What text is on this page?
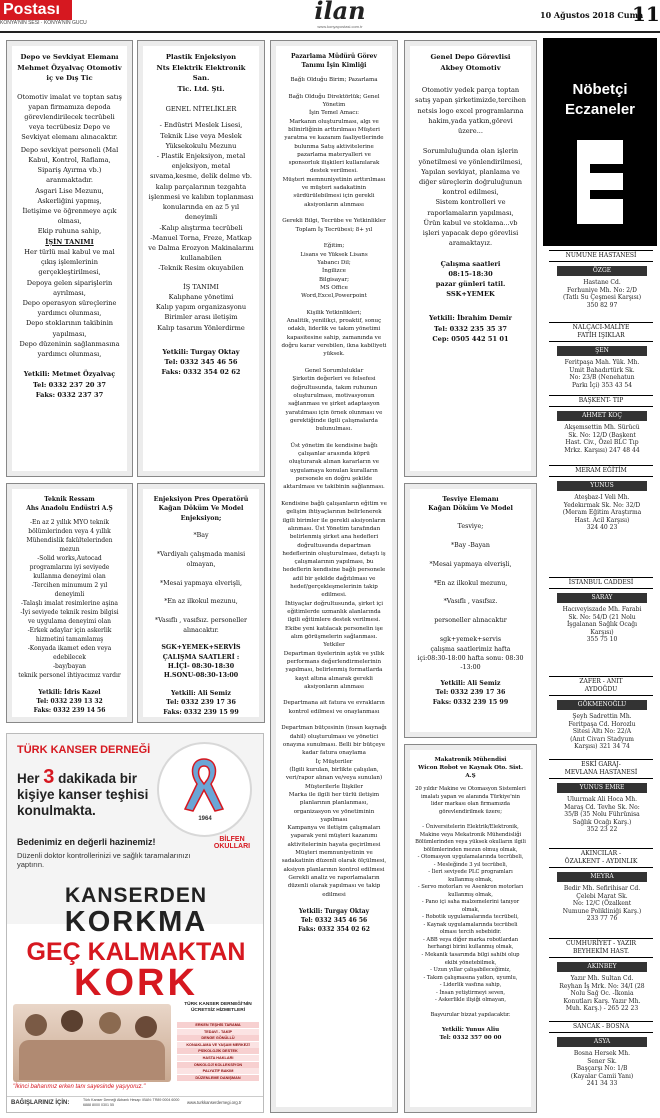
Postası
KONYA'NIN SESİ · KONYA'NIN GÜCÜ	ilan
www.konyapostasi.com.tr
10 Ağustos 2018 Cuma
11

Depo ve Sevkiyat Elemanı
Mehmet Özyalvaç Otomotiv
iç ve Dış Tic

Otomotiv imalat ve toptan satış yapan firmamıza depoda görevlendirilecek tecrübeli veya tecrübesiz Depo ve Sevkiyat elemanı alınacaktır.

Depo sevkiyat personeli (Mal Kabul, Kontrol, Raflama, Sipariş Ayırma vb.) aranmaktadır.
Asgari Lise Mezunu,
Askerliğini yapmış,
İletişime ve öğrenmeye açık olması,
Ekip ruhuna sahip,

İŞİN TANIMI

Her türlü mal kabul ve mal çıkış işlemlerinin gerçekleştirilmesi,
Depoya gelen siparişlerin ayrılması,
Depo operasyon süreçlerine yardımcı olunması,
Depo stoklarının takibinin yapılması,
Depo düzeninin sağlanmasına yardımcı olunması,

Yetkili: Metmet Özyalvaç
Tel: 0332 237 20 37
Faks: 0332 237 37

Plastik Enjeksiyon
Nts Elektrik Elektronik San.
Tic. Ltd. Şti.

GENEL NİTELİKLER

- Endüstri Meslek Lisesi, Teknik Lise veya Meslek Yüksekokulu Mezunu
- Plastik Enjeksiyon, metal enjeksiyon, metal sıvama,kesme, delik delme vb. kalıp parçalarının tezgahta işlenmesi ve kalıbın toplanması konularında en az 5 yıl deneyimli
-Kalıp alıştırma tecrübeli
-Manuel Torna, Freze, Matkap ve Dalma Erozyon Makinalarını kullanabilen
-Teknik Resim okuyabilen

İŞ TANIMI

Kalıphane yönetimi
Kalıp yapım organizasyonu
Birimler arası iletişim
Kalıp tasarım Yönlerdirme

Yetkili: Turgay Oktay
Tel: 0332 345 46 56
Faks: 0332 354 02 62

Pazarlama Müdürü Görev
Tanımı İşin Kimliği

Bağlı Olduğu Birim; Pazarlama

Bağlı Olduğu Direktörlük; Genel Yönetim
İşin Temel Amacı:
Markanın oluşturulması, algı ve bilinirliğinin arttırılması Müşteri yaratma ve kazanım faaliyetlerinde bulunma Satış aktivitelerine pazarlama materyalleri ve sponsorluk ilişkileri kullanılarak destek verilmesi.
Müşteri memnuniyetinin arttırılması ve müşteri sadakatinin sürdürülebilmesi için gerekli aksiyonların alınması

Gerekli Bilgi, Tecrübe ve Yetkinlikler
Toplam İş Tecrübesi; 8+ yıl

Eğitim;
Lisans ve Yüksek Lisans
Yabancı Dil;
İngilizce
Bilgisayar;
MS Office
Word,Excel,Powerpoint

Kişilik Yetkinlikleri;
Analitik, yenilikçi, proaktif, sonuç odaklı, liderlik ve takım yönetimi kapasitesine sahip, zamanında ve doğru karar verebilen, ikna kabiliyeti yüksek.

Genel Sorumluluklar
Şirketin değerleri ve felsefesi doğrultusunda, takım ruhunun oluşturulması, motivasyonun sağlanması ve şirket adaptasyon yaratılması için örnek olunması ve gerektiğinde ilgili çalışmalarda bulunulması.

Üst yönetim ile kendisine bağlı çalışanlar arasında köprü oluşturarak alınan kararların ve uygulamaya konulan kuralların personele en doğru şekilde aktarılması ve takibinin sağlanması.

Kendisine bağlı çalışanların eğitim ve gelişim ihtiyaçlarının belirlenerek ilgili birimler ile gerekli aksiyonların alınması. Üst Yönetim tarafından belirlenmiş şirket ana hedefleri doğrultusunda departman hedeflerinin oluşturulması, detaylı iş çalışmalarının yapılması, bu hedeflerin kendisine bağlı personele adil bir şekilde dağıtılması ve hedef/gerçekleşmelerinin takip edilmesi.
İhtiyaçlar doğrultusunda, şirket içi eğitimlerde uzmanlık alanlarında ilgili eğitimlere destek verilmesi.
Ekibe yeni katılacak personelin işe alım görüşmelerin sağlanması.
Yetkiler
Departman üyelerinin aylık ve yıllık performans değerlendirmelerinin yapılması, belirlenmiş formatlarda kayıt altına alınarak gerekli aksiyonların alınması

Departmana ait fatura ve evrakların kontrol edilmesi ve onaylanması

Departman bütçesinin (insan kaynağı dahil) oluşturulması ve yönetici onayına sunulması. Belli bir bütçeye kadar fatura onaylama
İç Müşteriler
(İlgili kurulan, birlikte çalışılan, veri/rapor alınan ve/veya sunulan)
Müşterilerle İlişkiler
Marka ile ilgili her türlü iletişim planlarının planlanması, organizasyon ve yönetiminin yapılması
Kampanya ve iletişim çalışmaları yaparak yeni müşteri kazanımı aktivitelerinin hayata geçirilmesi
Müşteri memnuniyetinin ve sadakatinin düzenli olarak ölçülmesi, aksiyon planlarının kontrol edilmesi
Gerekli analiz ve raporlamaların düzenli olarak yapılması ve takip edilmesi

Yetkili: Turgay Oktay
Tel: 0332 345 46 56
Faks: 0332 354 02 62

Genel Depo Görevlisi
Akbey Otomotiv

Otomotiv yedek parça toptan satış yapan şirketimizde,tercihen netsis logo excel programlarına hakim,yada yatkın,görevi üzere...

Sorumluluğunda olan işlerin yönetilmesi ve yönlendirilmesi,
Yapılan sevkiyat, planlama ve diğer süreçlerin doğruluğunun kontrol edilmesi,
Sistem kontrolleri ve raporlamaların yapılması,
Ürün kabul ve stoklama...vb işleri yapacak depo görevlisi aramaktayız.

Çalışma saatleri
08:15-18:30
pazar günleri tatil.
SSK+YEMEK

Yetkili: İbrahim Demir
Tel: 0332 235 35 37
Cep: 0505 442 51 01

Teknik Ressam
Ahs Anadolu Endüstri A.Ş

-En az 2 yıllık MYO teknik bölümlerinden veya 4 yıllık Mühendislik fakültelerinden mezun
-Solid works,Autocad programlarını iyi seviyede kullanma deneyimi olan
-Tercihen minumum 2 yıl deneyimli
-Talaşlı imalat resimlerine aşina
-İyi seviyede teknik resim bilgisi ve uygulama deneyimi olan
-Erkek adaylar için askerlik hizmetini tamamlamış
-Konyada ikamet eden veya edebilecek
-bay/bayan
teknik personel ihtiyacımız vardır

Yetkili: İdris Kazel
Tel: 0332 239 13 32
Faks: 0332 239 14 56

Enjeksiyon Pres Operatörü
Kağan Döküm Ve Model
Enjeksiyon;

*Bay

*Vardiyalı çalışmada manisi olmayan,

*Mesai yapmaya elverişli,

*En az ilkokul mezunu,

*Vasıflı , vasıfsız. personeller alınacaktır.

SGK+YEMEK+SERVİS
ÇALIŞMA SAATLERİ :
H.İÇİ- 08:30-18:30
H.SONU-08:30-13:00

Yetkili: Ali Semiz
Tel: 0332 239 17 36
Faks: 0332 239 15 99

Tesviye Elemanı
Kağan Döküm Ve Model

Tesviye;

*Bay -Bayan

*Mesai yapmaya elverişli,

*En az ilkokul mezunu,

*Vasıflı , vasıfsız.

personeller alınacaktır

sgk+yemek+servis
çalışma saatlerimiz hafta içi:08:30-18:00 hafta sonu: 08:30 -13:00

Yetkili: Ali Semiz
Tel: 0332 239 17 36
Faks: 0332 239 15 99

Makatronik Mühendisi
Wicon Robot ve Kaynak Oto. Sist. A.Ş

20 yıldır Makine ve Otomasyon Sistemleri imalatı yapan ve alanında Türkiye'nin lider markası olan firmamızda görevlendirilmek üzere;

- Üniversitelerin Elektrik/Elektronik, Makine veya Mekatronik Mühendisliği Bölümlerinden veya yüksek okulların ilgili bölümlerinden mezun olmuş olmak,
- Otomasyon uygulamalarında tecrübeli,
- Mesleğinde 3 yıl tecrübeli,
- İleri seviyede PLC programları kullanmış olmak,
- Servo motorları ve Asenkron motorları kullanmış olmak,
- Pano içi saha malzemelerini tanıyor olmak,
- Robotik uygulamalarında tecrübeli,
- Kaynak uygulamalarında tecrübeli olması tercih sebebidir.
- ABB veya diğer marka robotlardan herhangi birini kullanmış olmak,
- Mekanik tasarımda bilgi sahibi olup ekibi yönetebilmek,
- Uzun yıllar çalışabileceğimiz,
- Takım çalışmasına yatkın, uyumlu,
- Liderlik vasfına sahip,
- İnsan yetiştirmeyi seven,
- Askerlikle ilişiği olmayan,

Başvurular bizzat yapılacaktır.

Yetkili: Yunus Aliu
Tel: 0332 357 00 00

1964
BİLFEN OKULLARI
TÜRK KANSER DERNEĞİ
Her 3 dakikada bir kişiye kanser teşhisi konulmakta.
Bedenimiz en değerli hazinemiz!
Düzenli doktor kontrollerinizi ve sağlık taramalarınızı yaptırın.
KANSERDEN
KORKMA
GEÇ KALMAKTAN
KORK
TÜRK KANSER DERNEĞİ'NİN ÜCRETSİZ HİZMETLERİ
ERKEN TEŞHİS TARAMA
TEDAVİ - TAKİP
DENGE GÖNÜLLÜ
KONAKLAMA VE YAŞAM MERKEZİ
PSİKOLOJİK DESTEK
HASTA HAKLARI
ONKOLOJİ KOLLEKSİYON
PALYATİF BAKIM
DÜZENLEME DANIŞMAN
"İkinci baharımız erken tanı sayesinde yaşıyoruz."
BAĞIŞLARINIZ İÇİN:	Türk Kanser Derneği Akbank Hesap: IBAN: TR89 0004 6000 6888 8000 0301 55	www.turkkanserdernegi.org.tr
Nöbetçi
Eczaneler
NUMUNE HASTANESİ
ÖZGE
Hastane Cd.
Ferhuniye Mh. No: 2/D
(Tatlı Su Çeşmesi Karşısı)
350 82 97
NALÇACI-MALİYE
FATİH IŞIKLAR
ŞEN
Feritpaşa Mah. Yük. Mh.
Umit Bahadırtürk Sk.
No: 23/B (Nenehatun
Parkı İçi) 353 43 54
BAŞKENT- TIP
AHMET KOÇ
Akşemsettin Mh. Sürücü
Sk. No: 12/D (Başkent
Hast. Civ., Özel BLC Tıp
Mrkz. Karşısı) 247 48 44
MERAM EĞİTİM
YUNUS
Ateşbaz-I Veli Mh.
Yedekırmak Sk. No: 32/D
(Meram Eğitim Araştırma
Hast. Acil Karşısı)
324 40 23
İSTANBUL CADDESİ
SARAY
Hacıveyiszade Mh. Farabi
Sk. No: 54/D (21 Nolu
İşgalanan Sağlık Ocağı
Karşısı)
355 75 10
ZAFER - ANIT
AYDOĞDU
GÖKMENOĞLU
Şeyh Sadrettin Mh.
Feritpaşa Cd. Horozlu
Sitesi Altı No: 22/A
(Anıt Civarı Stadyum
Karşısı) 321 34 74
ESKİ GARAJ-
MEVLANA HASTANESİ
YUNUS EMRE
Uluırmak Ali Hoca Mh.
Maraş Cd. Tevhe Sk. No:
35/B (35 Nolu Führünisa
Sağlık Ocağı Karş.)
352 23 22
AKINCILAR -
ÖZALKENT - AYDINLIK
MEYRA
Bedir Mh. Sefirihisar Cd.
Çelebi Marat Sk.
No: 12/C (Özalkent
Numune Polikliniği Karş.)
233 77 76
CUMHURİYET - YAZIR
BEYHEKİM HAST.
AKINBEY
Yazır Mh. Sultan Cd.
Reyhan İş Mrk. No: 34/I (28
Nolu Sağ Oc. -İkonia
Konutları Karş. Yazır Mh.
Muh. Karş.) - 265 22 23
SANCAK - BOSNA
ASYA
Bosna Hersek Mh.
Sener Sk.
Başçarşı No: 1/B
(Kayalar Camii Yanı)
241 34 33
